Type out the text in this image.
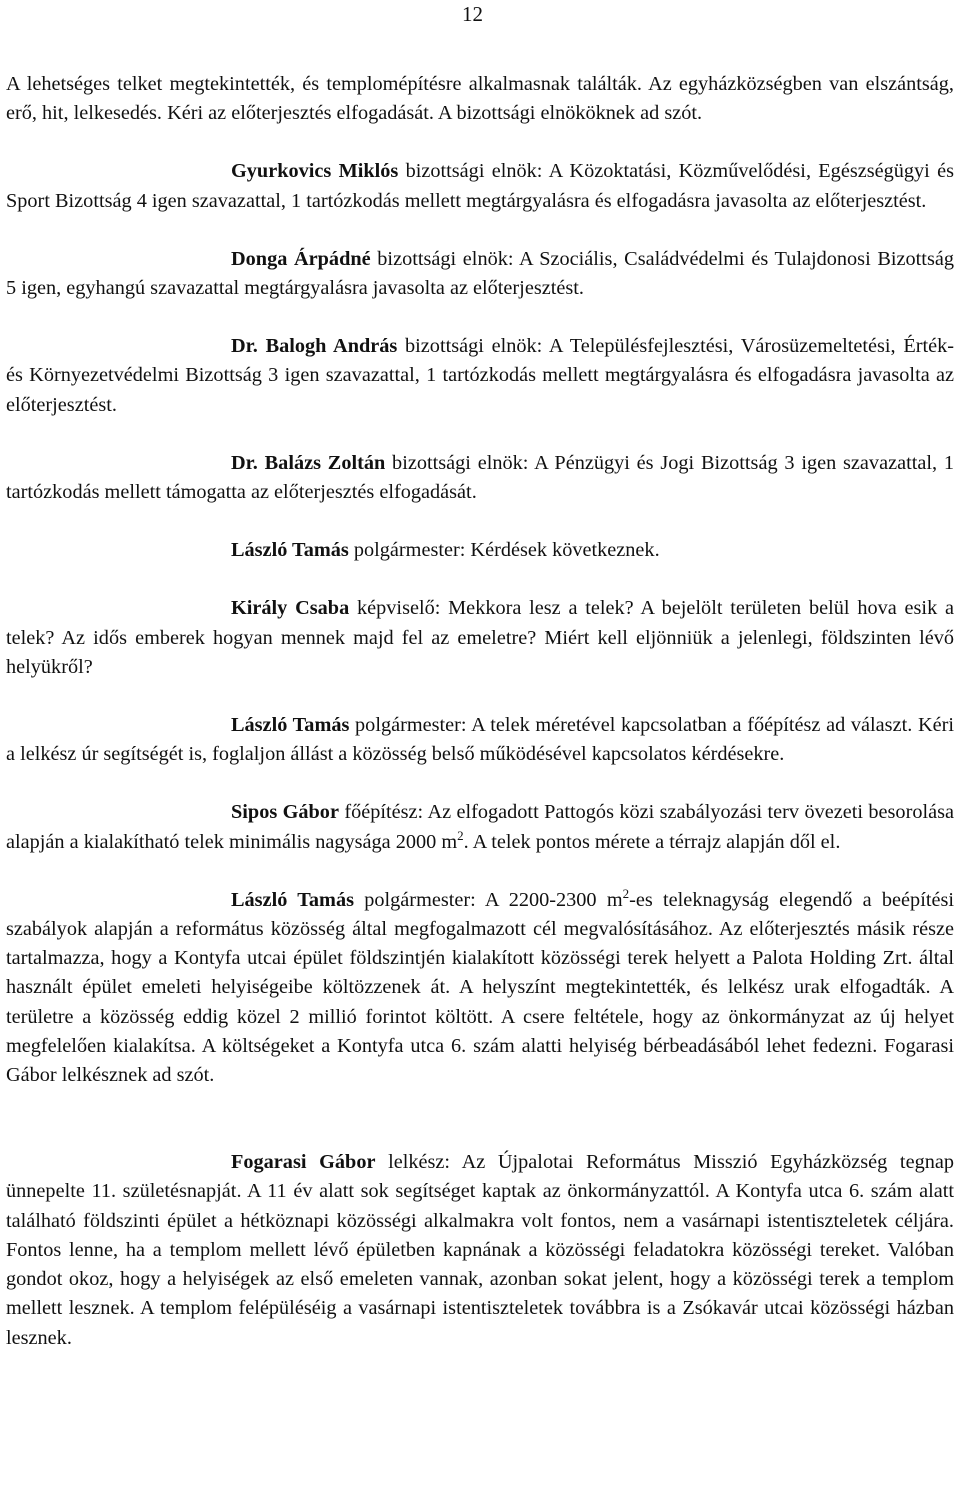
12

A lehetséges telket megtekintették, és templomépítésre alkalmasnak találták. Az egyházközségben van elszántság, erő, hit, lelkesedés. Kéri az előterjesztés elfogadását. A bizottsági elnököknek ad szót.

Gyurkovics Miklós bizottsági elnök: A Közoktatási, Közművelődési, Egészségügyi és Sport Bizottság 4 igen szavazattal, 1 tartózkodás mellett megtárgyalásra és elfogadásra javasolta az előterjesztést.

Donga Árpádné bizottsági elnök: A Szociális, Családvédelmi és Tulajdonosi Bizottság 5 igen, egyhangú szavazattal megtárgyalásra javasolta az előterjesztést.

Dr. Balogh András bizottsági elnök: A Településfejlesztési, Városüzemeltetési, Érték- és Környezetvédelmi Bizottság 3 igen szavazattal, 1 tartózkodás mellett megtárgyalásra és elfogadásra javasolta az előterjesztést.

Dr. Balázs Zoltán bizottsági elnök: A Pénzügyi és Jogi Bizottság 3 igen szavazattal, 1 tartózkodás mellett támogatta az előterjesztés elfogadását.

László Tamás polgármester: Kérdések következnek.

Király Csaba képviselő: Mekkora lesz a telek? A bejelölt területen belül hova esik a telek? Az idős emberek hogyan mennek majd fel az emeletre? Miért kell eljönniük a jelenlegi, földszinten lévő helyükről?

László Tamás polgármester: A telek méretével kapcsolatban a főépítész ad választ. Kéri a lelkész úr segítségét is, foglaljon állást a közösség belső működésével kapcsolatos kérdésekre.

Sipos Gábor főépítész: Az elfogadott Pattogós közi szabályozási terv övezeti besorolása alapján a kialakítható telek minimális nagysága 2000 $m^2$. A telek pontos mérete a térrajz alapján dől el.

László Tamás polgármester: A 2200-2300 $m^2-es$ teleknagyság elegendő a beépítési szabályok alapján a református közösség által megfogalmazott cél megvalósításához. Az előterjesztés másik része tartalmazza, hogy a Kontyfa utcai épület földszintjén kialakított közösségi terek helyett a Palota Holding Zrt. által használt épület emeleti helyiségeibe költözzenek át. A helyszínt megtekintették, és lelkész urak elfogadták. A területre a közösség eddig közel 2 millió forintot költött. A csere feltétele, hogy az önkormányzat az új helyet megfelelően kialakítsa. A költségeket a Kontyfa utca 6. szám alatti helyiség bérbeadásából lehet fedezni. Fogarasi Gábor lelkésznek ad szót.

Fogarasi Gábor lelkész: Az Újpalotai Református Misszió Egyházközség tegnap ünnepelte 11. születésnapját. A 11 év alatt sok segítséget kaptak az önkormányzattól. A Kontyfa utca 6. szám alatt található földszinti épület a hétköznapi közösségi alkalmakra volt fontos, nem a vasárnapi istentiszteletek céljára. Fontos lenne, ha a templom mellett lévő épületben kapnának a közösségi feladatokra közösségi tereket. Valóban gondot okoz, hogy a helyiségek az első emeleten vannak, azonban sokat jelent, hogy a közösségi terek a templom mellett lesznek. A templom felépüléséig a vasárnapi istentiszteletek továbbra is a Zsókavár utcai közösségi házban lesznek.
